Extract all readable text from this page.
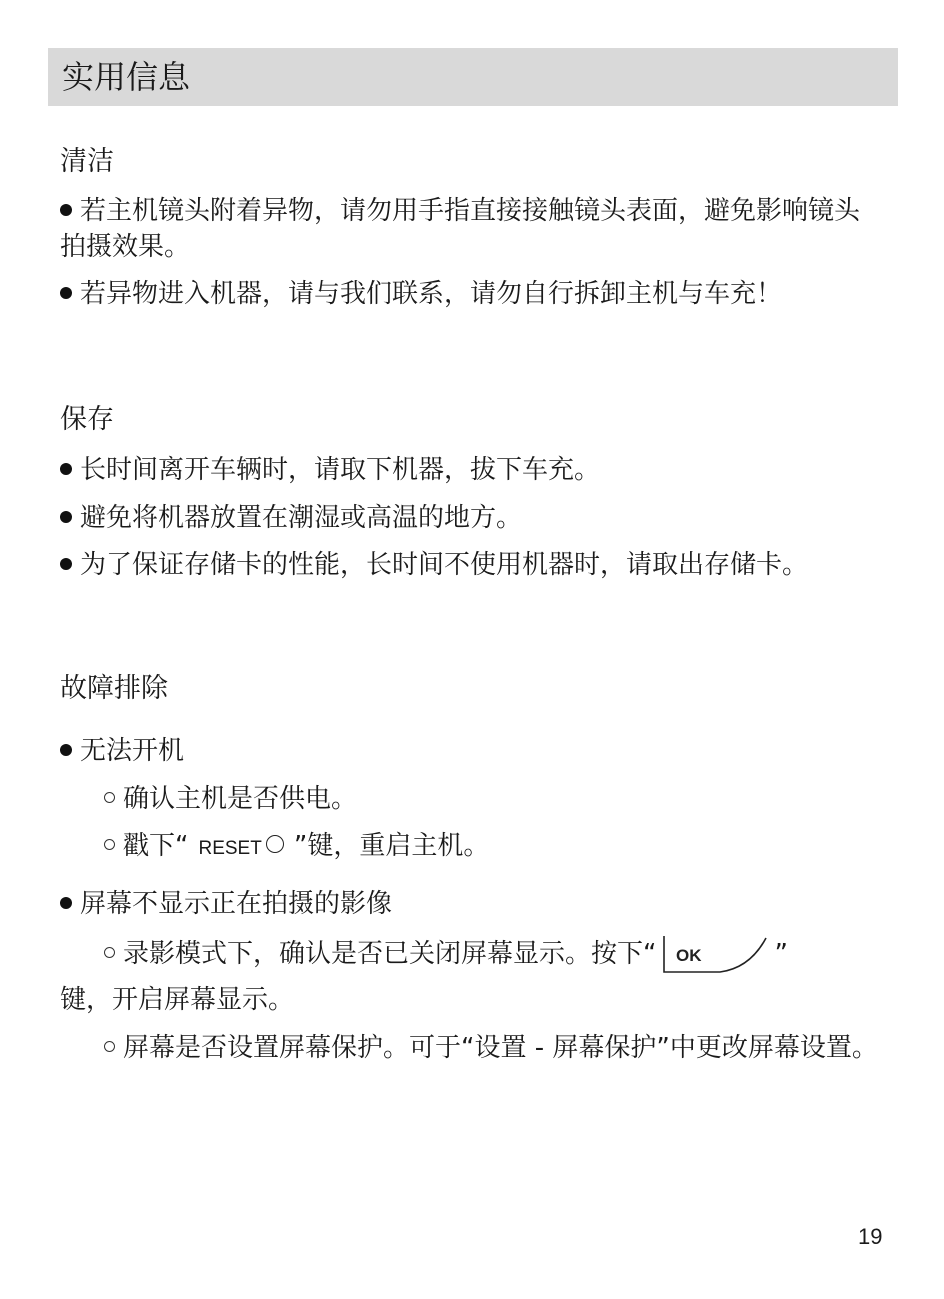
实用信息
清洁
若主机镜头附着异物，请勿用手指直接接触镜头表面，避免影响镜头拍摄效果。
若异物进入机器，请与我们联系，请勿自行拆卸主机与车充！
保存
长时间离开车辆时，请取下机器，拔下车充。
避免将机器放置在潮湿或高温的地方。
为了保证存储卡的性能，长时间不使用机器时，请取出存储卡。
故障排除
无法开机
确认主机是否供电。
戳下“ RESET ”键，重启主机。
屏幕不显示正在拍摄的影像
录影模式下，确认是否已关闭屏幕显示。按下“ OK	”
键，开启屏幕显示。
屏幕是否设置屏幕保护。可于“设置 - 屏幕保护”中更改屏幕设置。
19
